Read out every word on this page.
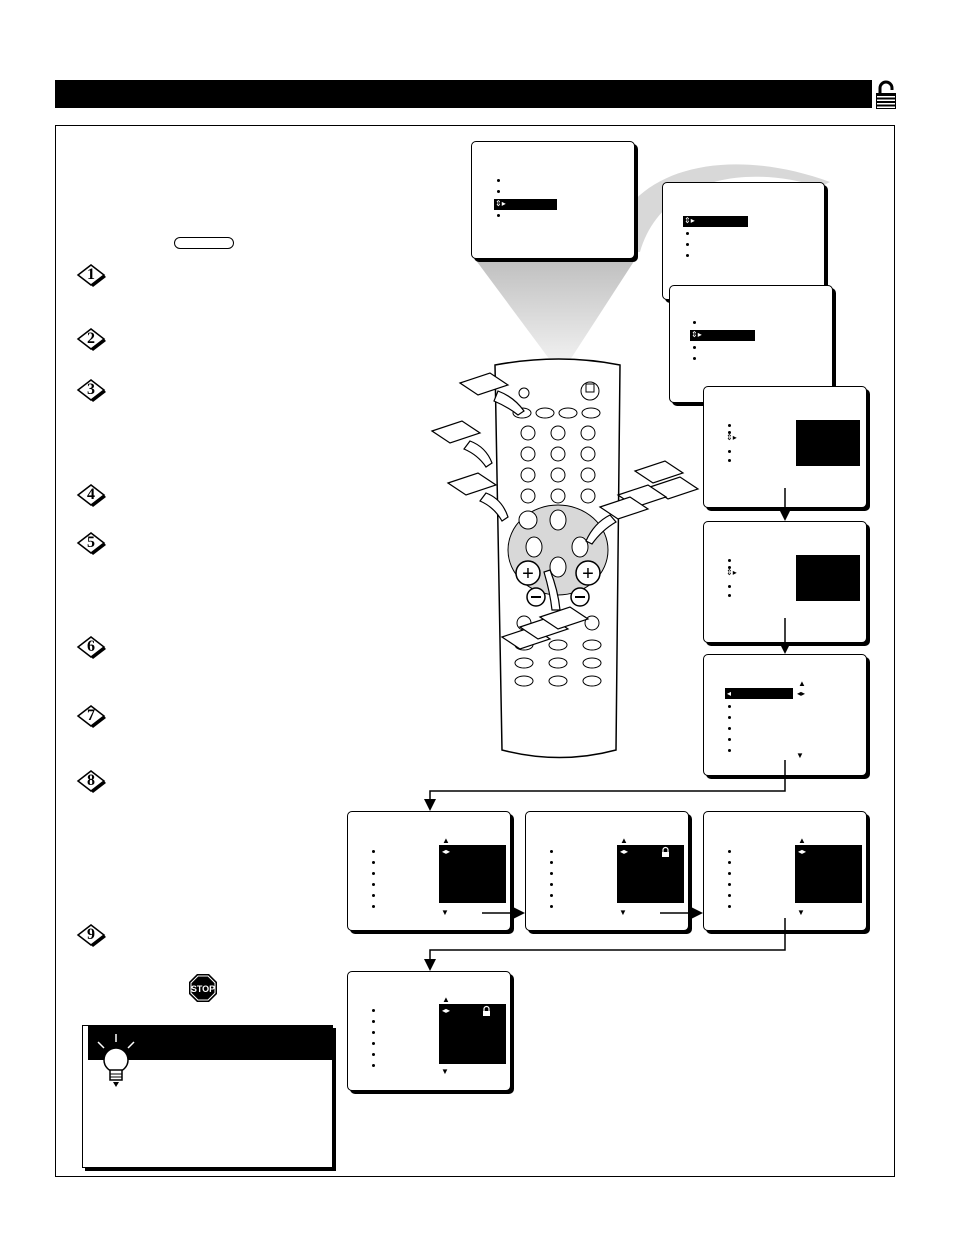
1
2
3
4
5
6
7
8
9
STOP
⇕▸
⇕▸
⇕▸
⇕▸
⇕▸
▲
◂	◂▸
▼
▲
◂▸
▼
▲
◂▸
▼
▲
◂▸
▼
▲
◂▸
▼
+ +
